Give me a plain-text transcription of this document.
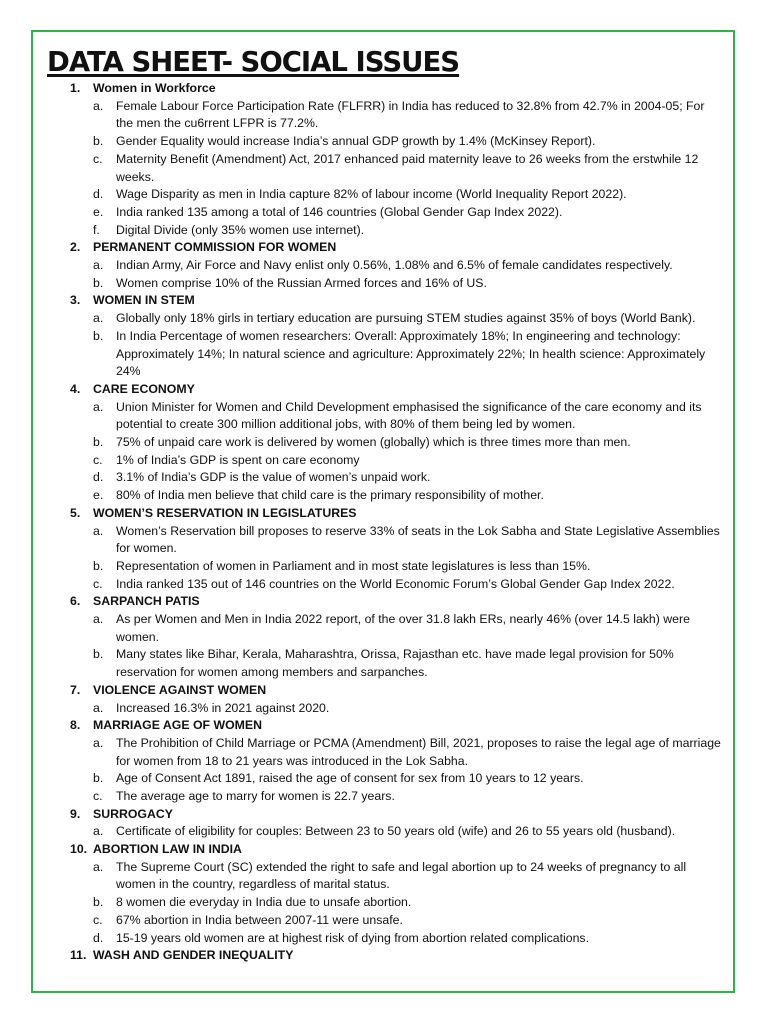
DATA SHEET- SOCIAL ISSUES
1. Women in Workforce
a. Female Labour Force Participation Rate (FLFRR) in India has reduced to 32.8% from 42.7% in 2004-05; For the men the cu6rrent LFPR is 77.2%.
b. Gender Equality would increase India’s annual GDP growth by 1.4% (McKinsey Report).
c. Maternity Benefit (Amendment) Act, 2017 enhanced paid maternity leave to 26 weeks from the erstwhile 12 weeks.
d. Wage Disparity as men in India capture 82% of labour income (World Inequality Report 2022).
e. India ranked 135 among a total of 146 countries (Global Gender Gap Index 2022).
f. Digital Divide (only 35% women use internet).
2. PERMANENT COMMISSION FOR WOMEN
a. Indian Army, Air Force and Navy enlist only 0.56%, 1.08% and 6.5% of female candidates respectively.
b. Women comprise 10% of the Russian Armed forces and 16% of US.
3. WOMEN IN STEM
a. Globally only 18% girls in tertiary education are pursuing STEM studies against 35% of boys (World Bank).
b. In India Percentage of women researchers: Overall: Approximately 18%; In engineering and technology: Approximately 14%; In natural science and agriculture: Approximately 22%; In health science: Approximately 24%
4. CARE ECONOMY
a. Union Minister for Women and Child Development emphasised the significance of the care economy and its potential to create 300 million additional jobs, with 80% of them being led by women.
b. 75% of unpaid care work is delivered by women (globally) which is three times more than men.
c. 1% of India’s GDP is spent on care economy
d. 3.1% of India’s GDP is the value of women’s unpaid work.
e. 80% of India men believe that child care is the primary responsibility of mother.
5. WOMEN’S RESERVATION IN LEGISLATURES
a. Women’s Reservation bill proposes to reserve 33% of seats in the Lok Sabha and State Legislative Assemblies for women.
b. Representation of women in Parliament and in most state legislatures is less than 15%.
c. India ranked 135 out of 146 countries on the World Economic Forum’s Global Gender Gap Index 2022.
6. SARPANCH PATIS
a. As per Women and Men in India 2022 report, of the over 31.8 lakh ERs, nearly 46% (over 14.5 lakh) were women.
b. Many states like Bihar, Kerala, Maharashtra, Orissa, Rajasthan etc. have made legal provision for 50% reservation for women among members and sarpanches.
7. VIOLENCE AGAINST WOMEN
a. Increased 16.3% in 2021 against 2020.
8. MARRIAGE AGE OF WOMEN
a. The Prohibition of Child Marriage or PCMA (Amendment) Bill, 2021, proposes to raise the legal age of marriage for women from 18 to 21 years was introduced in the Lok Sabha.
b. Age of Consent Act 1891, raised the age of consent for sex from 10 years to 12 years.
c. The average age to marry for women is 22.7 years.
9. SURROGACY
a. Certificate of eligibility for couples: Between 23 to 50 years old (wife) and 26 to 55 years old (husband).
10. ABORTION LAW IN INDIA
a. The Supreme Court (SC) extended the right to safe and legal abortion up to 24 weeks of pregnancy to all women in the country, regardless of marital status.
b. 8 women die everyday in India due to unsafe abortion.
c. 67% abortion in India between 2007-11 were unsafe.
d. 15-19 years old women are at highest risk of dying from abortion related complications.
11. WASH AND GENDER INEQUALITY
